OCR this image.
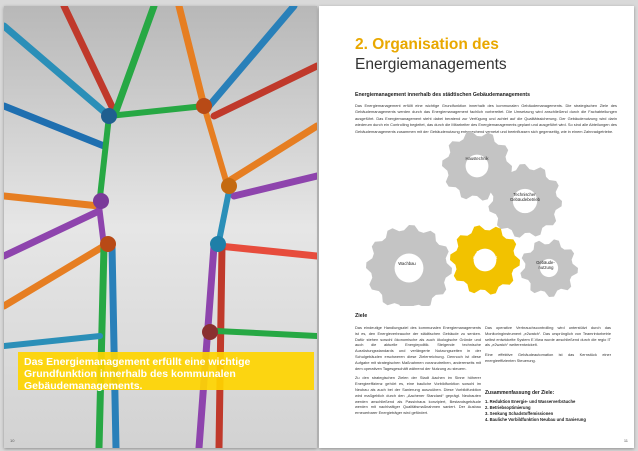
Das Energiemanagement erfüllt eine wichtige
Grundfunktion innerhalb des kommunalen
Gebäudemanagements.
10
2. Organisation des
Energiemanagements
Energiemanagement innerhalb des städtischen Gebäudemanagements
Das Energiemanagement erfüllt eine wichtige Grundfunktion innerhalb des kommunalen Gebäudemanagements. Die strategischen Ziele des Gebäudemanagements werden durch das Energiemanagement fachlich vorbereitet. Die Umsetzung wird anschließend durch die Fachabteilungen ausgeführt. Das Energiemanagement steht dabei beratend zur Verfügung und achtet auf die Qualitätssicherung. Der Gebäudenutzung wird darin wiederum durch ein Controlling begleitet, das durch die Mitarbeiter des Energiemanagements geplant und ausgeführt wird. So sind alle Abteilungen des Gebäudemanagements zusammen mit der Gebäudenutzung entsprechend vernetzt und beeinflussen sich gegenseitig, wie in einem Zahnradgetriebe.
Haustechnik
Technischer Gebäudebetrieb
Energie- management
Wachbau	Gebäude- nutzung
Ziele

Das eindeutige Handlungsziel des kommunalen Energiemanagements ist es, den Energieverbrauche der städtischen Gebäude zu senken. Dafür stehen sowohl ökonomische als auch ökologische Gründe und auch die aktuelle Energiepolitik. Steigende technische Ausrüstungsstandards und verlängerte Nutzungszeiten in der Schulgebäuden erschweren diese Zielerreichung. Dennoch ist diese Aufgabe mit strategischen Maßnahmen voranzutreiben, andererseits mit dem operativen Tagesgeschäft während der Nutzung zu steuern.

Zu den strategischen Zielen der Stadt Aachen im Sinne höherer Energieeffizienz gehört es, eine bauliche Vorbildfunktion sowohl im Neubau als auch bei der Sanierung auszuüben. Diese Vorbildfunktion wird maßgeblich durch den „Aachener Standard“ geprägt. Neubauten werden anschließend als Passivhaus konzipiert, Bestandsgebäude werden mit nachhaltiger Qualitätsmaßnahmen saniert. Der Ausbau erneuerbarer Energieträger wird gefördert.

Das operative Verbrauchscontrolling wird unterstützt durch das Monitoringinstrument „e2watch“. Das ursprünglich von Teamrintorbetrie selbst entwickelte System E.Viwa wurde anschließend durch die regio IT als „e2watch“ weiterentwickelt.

Eine effektive Gebäudeautomation ist das Kernstück einer energieeffizienten Steuerung.

Zusammenfassung der Ziele:
1. Reduktion Energie- und Wasserverbräuche
2. Betriebsoptimierung
3. Senkung Schadstoffemissionen
4. Bauliche Vorbildfunktion Neubau und Sanierung
11
